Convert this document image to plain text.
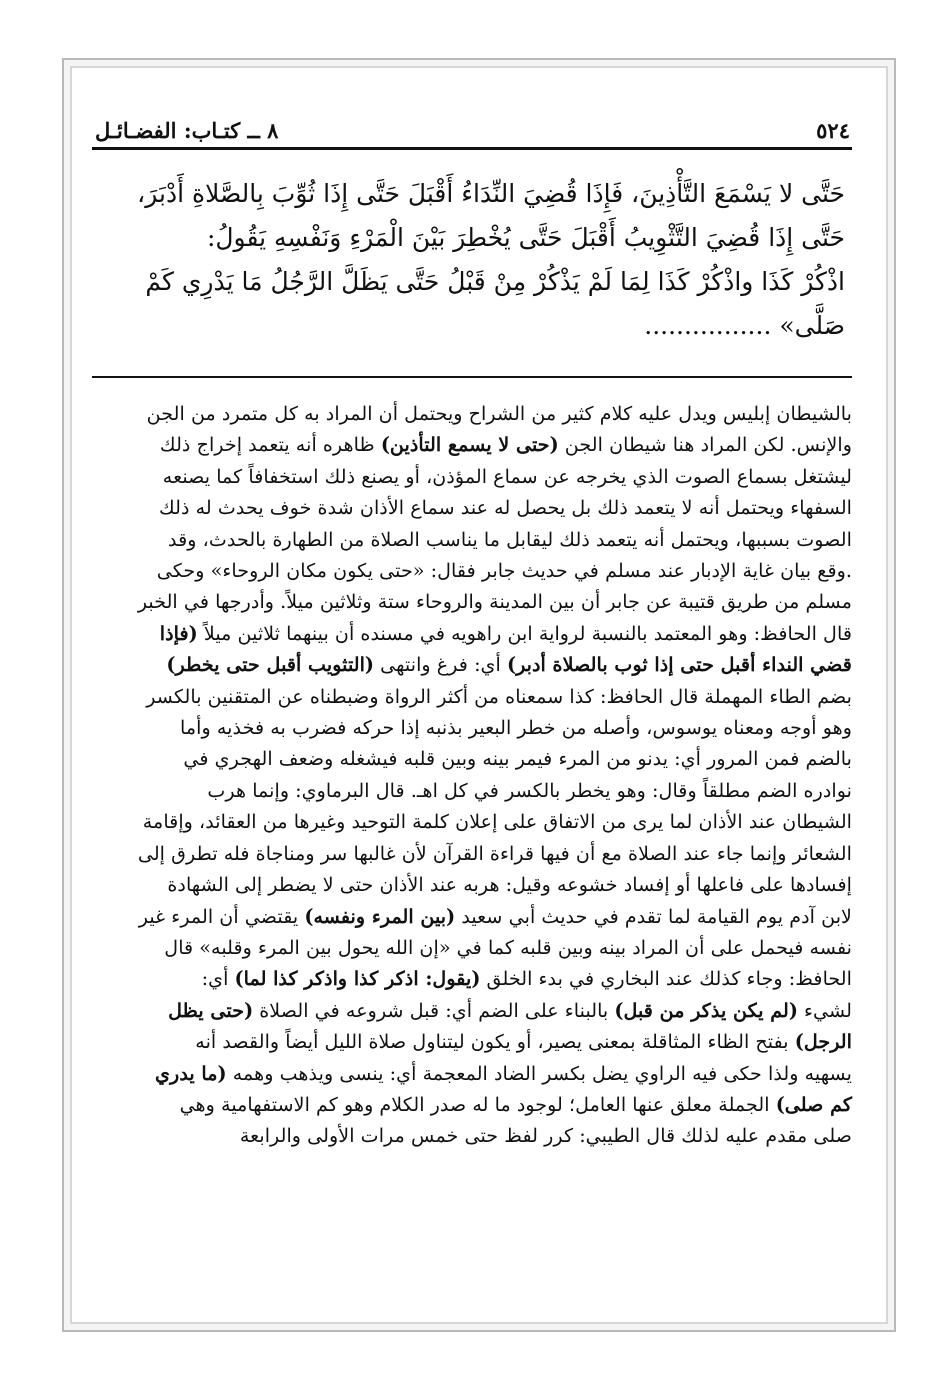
٥٢٤
٨ ــ كتـاب: الفضـائـل

حَتَّى لا يَسْمَعَ التَّأْذِينَ، فَإِذَا قُضِيَ النِّدَاءُ أَقْبَلَ حَتَّى إِذَا ثُوِّبَ بِالصَّلاةِ أَدْبَرَ،

حَتَّى إِذَا قُضِيَ التَّثْوِيبُ أَقْبَلَ حَتَّى يُخْطِرَ بَيْنَ الْمَرْءِ وَنَفْسِهِ يَقُولُ:

اذْكُرْ كَذَا واذْكُرْ كَذَا لِمَا لَمْ يَذْكُرْ مِنْ قَبْلُ حَتَّى يَظَلَّ الرَّجُلُ مَا يَدْرِي كَمْ

صَلَّى» ................

بالشيطان إبليس ويدل عليه كلام كثير من الشراح ويحتمل أن المراد به كل متمرد من الجن

والإنس. لكن المراد هنا شيطان الجن (حتى لا يسمع التأذين) ظاهره أنه يتعمد إخراج ذلك

ليشتغل بسماع الصوت الذي يخرجه عن سماع المؤذن، أو يصنع ذلك استخفافاً كما يصنعه

السفهاء ويحتمل أنه لا يتعمد ذلك بل يحصل له عند سماع الأذان شدة خوف يحدث له ذلك

الصوت بسببها، ويحتمل أنه يتعمد ذلك ليقابل ما يناسب الصلاة من الطهارة بالحدث، وقد

.وقع بيان غاية الإدبار عند مسلم في حديث جابر فقال: «حتى يكون مكان الروحاء» وحكى

مسلم من طريق قتيبة عن جابر أن بين المدينة والروحاء ستة وثلاثين ميلاً. وأدرجها في الخبر

قال الحافظ: وهو المعتمد بالنسبة لرواية ابن راهويه في مسنده أن بينهما ثلاثين ميلاً (فإذا

قضي النداء أقبل حتى إذا ثوب بالصلاة أدبر) أي: فرغ وانتهى (التثويب أقبل حتى يخطر)

بضم الطاء المهملة قال الحافظ: كذا سمعناه من أكثر الرواة وضبطناه عن المتقنين بالكسر

وهو أوجه ومعناه يوسوس، وأصله من خطر البعير بذنبه إذا حركه فضرب به فخذيه وأما

بالضم فمن المرور أي: يدنو من المرء فيمر بينه وبين قلبه فيشغله وضعف الهجري في

نوادره الضم مطلقاً وقال: وهو يخطر بالكسر في كل اهـ. قال البرماوي: وإنما هرب

الشيطان عند الأذان لما يرى من الاتفاق على إعلان كلمة التوحيد وغيرها من العقائد، وإقامة

الشعائر وإنما جاء عند الصلاة مع أن فيها قراءة القرآن لأن غالبها سر ومناجاة فله تطرق إلى

إفسادها على فاعلها أو إفساد خشوعه وقيل: هربه عند الأذان حتى لا يضطر إلى الشهادة

لابن آدم يوم القيامة لما تقدم في حديث أبي سعيد (بين المرء ونفسه) يقتضي أن المرء غير

نفسه فيحمل على أن المراد بينه وبين قلبه كما في «إن الله يحول بين المرء وقلبه» قال

الحافظ: وجاء كذلك عند البخاري في بدء الخلق (يقول: اذكر كذا واذكر كذا لما) أي:

لشيء (لم يكن يذكر من قبل) بالبناء على الضم أي: قبل شروعه في الصلاة (حتى يظل

الرجل) بفتح الظاء المثاقلة بمعنى يصير، أو يكون ليتناول صلاة الليل أيضاً والقصد أنه

يسهيه ولذا حكى فيه الراوي يضل بكسر الضاد المعجمة أي: ينسى ويذهب وهمه (ما يدري

كم صلى) الجملة معلق عنها العامل؛ لوجود ما له صدر الكلام وهو كم الاستفهامية وهي

صلى مقدم عليه لذلك قال الطيبي: كرر لفظ حتى خمس مرات الأولى والرابعة
